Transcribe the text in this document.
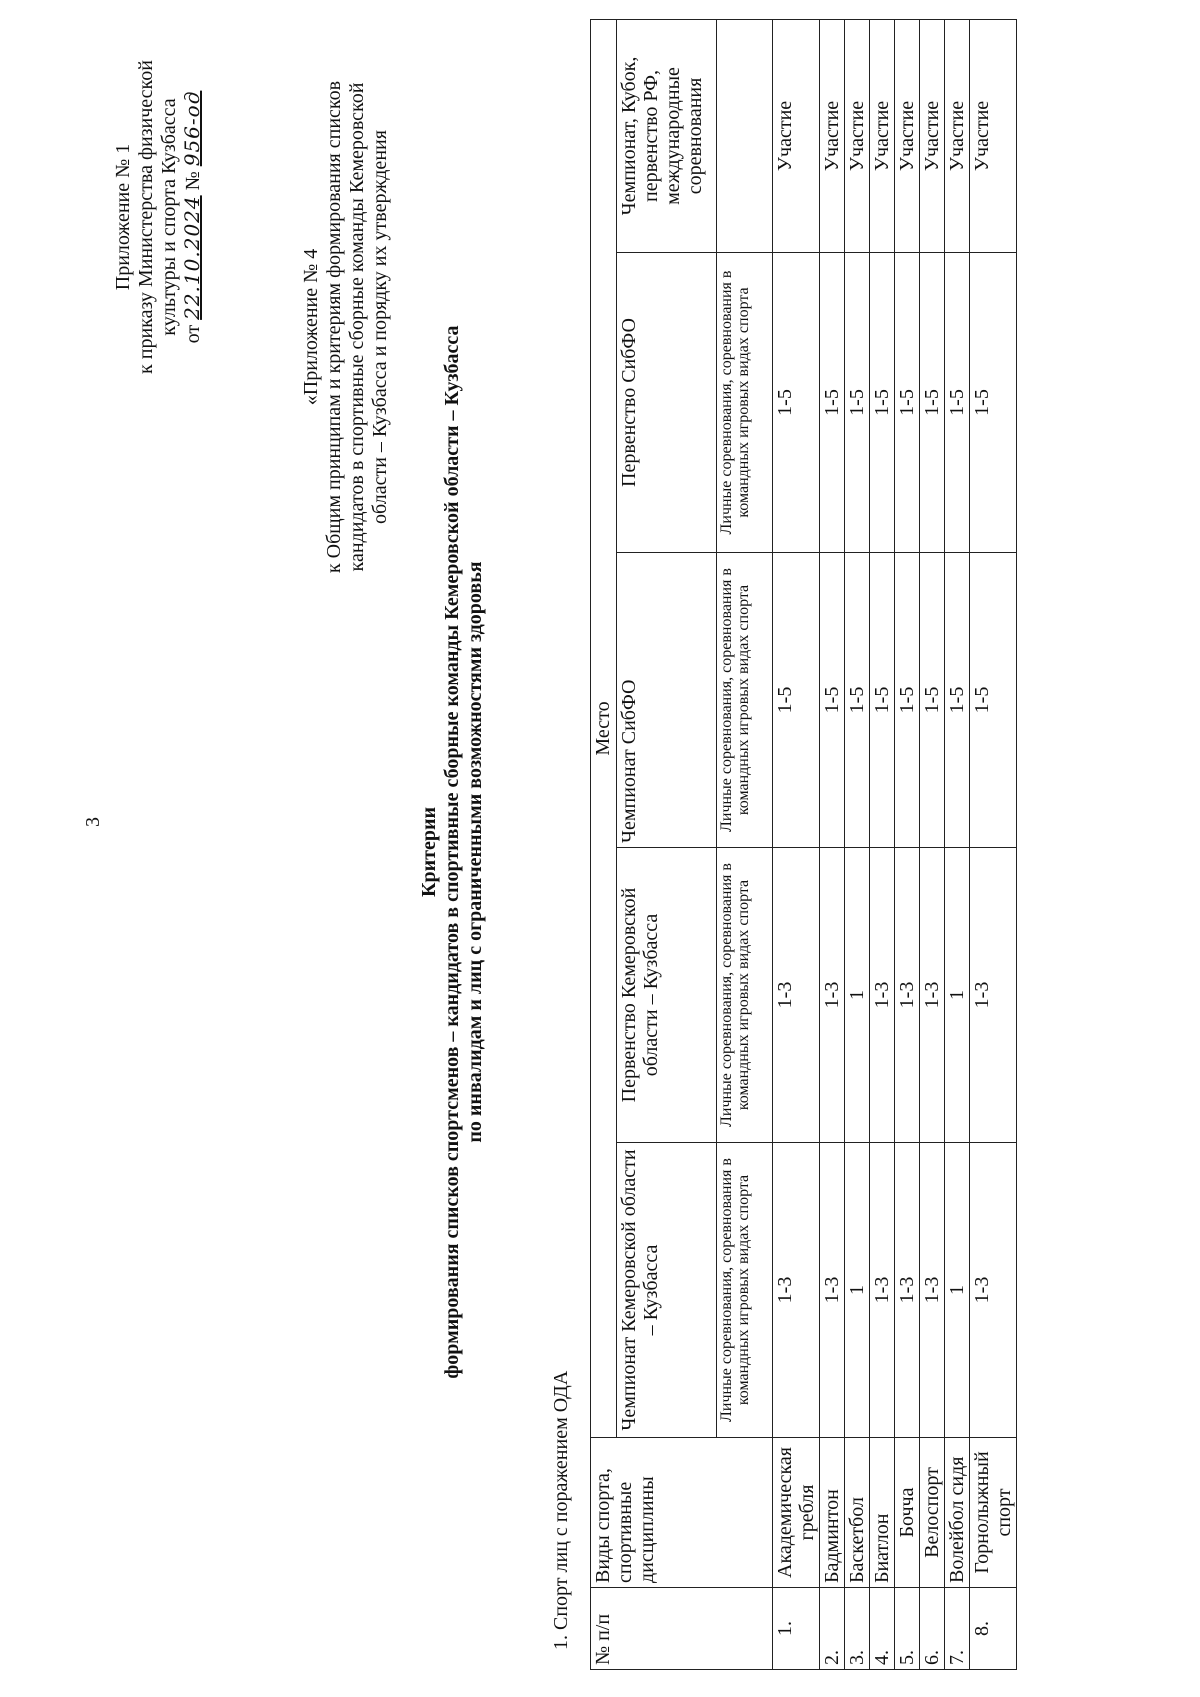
3
Приложение № 1 к приказу Министерства физической культуры и спорта Кузбасса от 22.10.2024 № 956-од
«Приложение № 4 к Общим принципам и критериям формирования списков кандидатов в спортивные сборные команды Кемеровской области – Кузбасса и порядку их утверждения
Критерии формирования списков спортсменов – кандидатов в спортивные сборные команды Кемеровской области – Кузбасса по инвалидам и лиц с ограниченными возможностями здоровья
1. Спорт лиц с поражением ОДА № п/п	Виды спорта, спортивные дисциплины	Место				
		Чемпионат Кемеровской области – Кузбасса	Первенство Кемеровской области – Кузбасса	Чемпионат СибФО	Первенство СибФО	Чемпионат, Кубок, первенство РФ, международные соревнования
		Личные соревнования, соревнования в командных игровых видах спорта	Личные соревнования, соревнования в командных игровых видах спорта	Личные соревнования, соревнования в командных игровых видах спорта	Личные соревнования, соревнования в командных игровых видах спорта	
1.	Академическая гребля	1-3	1-3	1-5	1-5	Участие
2.	Бадминтон	1-3	1-3	1-5	1-5	Участие
3.	Баскетбол	1	1	1-5	1-5	Участие
4.	Биатлон	1-3	1-3	1-5	1-5	Участие
5.	Бочча	1-3	1-3	1-5	1-5	Участие
6.	Велоспорт	1-3	1-3	1-5	1-5	Участие
7.	Волейбол сидя	1	1	1-5	1-5	Участие
8.	Горнолыжный спорт	1-3	1-3	1-5	1-5	Участие
